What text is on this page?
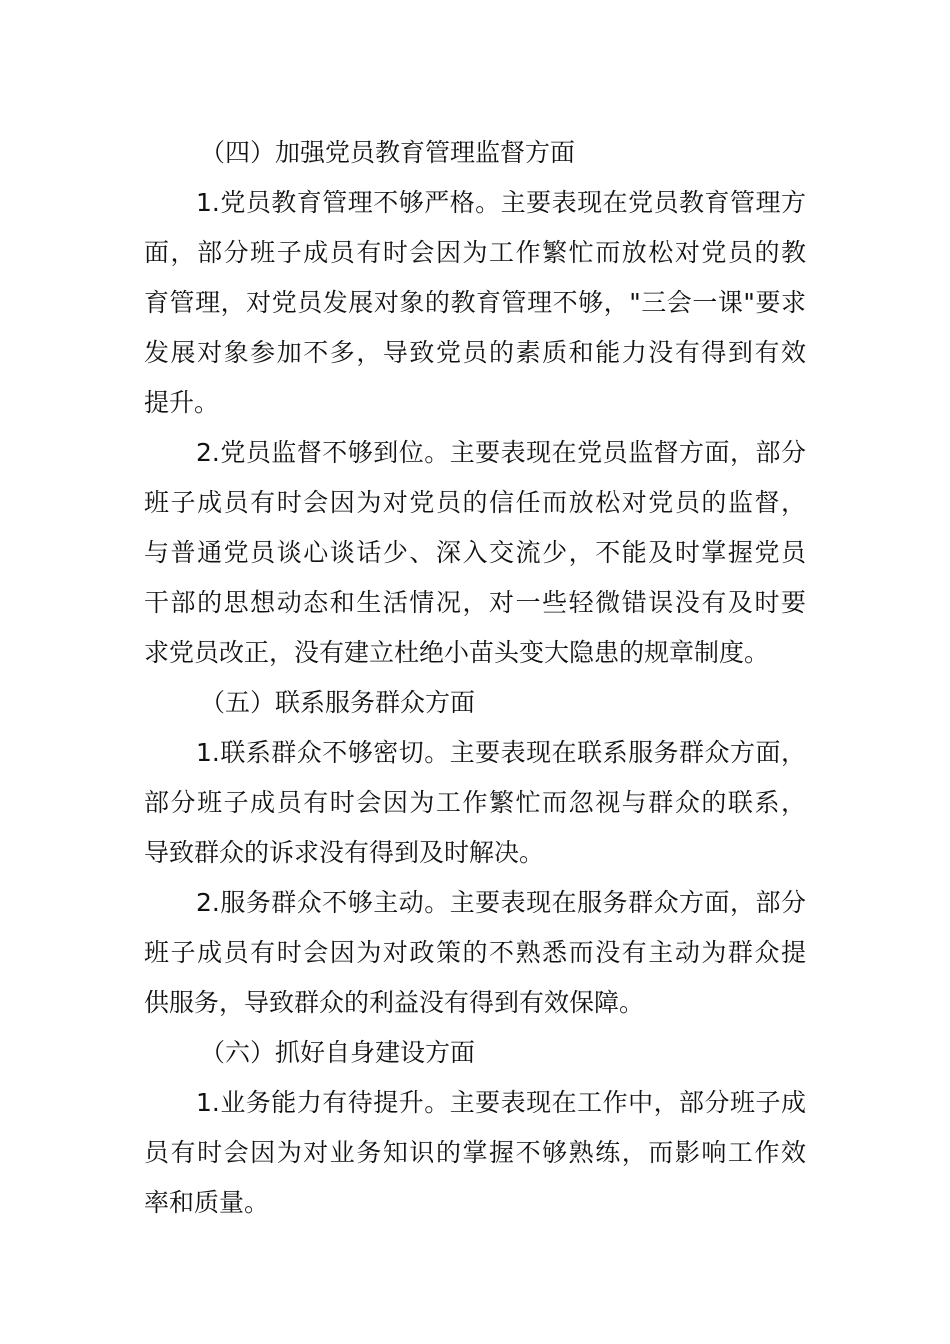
（四）加强党员教育管理监督方面
1.党员教育管理不够严格。主要表现在党员教育管理方
面，部分班子成员有时会因为工作繁忙而放松对党员的教
育管理，对党员发展对象的教育管理不够，"三会一课"要求
发展对象参加不多，导致党员的素质和能力没有得到有效
提升。
2.党员监督不够到位。主要表现在党员监督方面，部分
班子成员有时会因为对党员的信任而放松对党员的监督，
与普通党员谈心谈话少、深入交流少，不能及时掌握党员
干部的思想动态和生活情况，对一些轻微错误没有及时要
求党员改正，没有建立杜绝小苗头变大隐患的规章制度。
（五）联系服务群众方面
1.联系群众不够密切。主要表现在联系服务群众方面，
部分班子成员有时会因为工作繁忙而忽视与群众的联系，
导致群众的诉求没有得到及时解决。
2.服务群众不够主动。主要表现在服务群众方面，部分
班子成员有时会因为对政策的不熟悉而没有主动为群众提
供服务，导致群众的利益没有得到有效保障。
（六）抓好自身建设方面
1.业务能力有待提升。主要表现在工作中，部分班子成
员有时会因为对业务知识的掌握不够熟练，而影响工作效
率和质量。
